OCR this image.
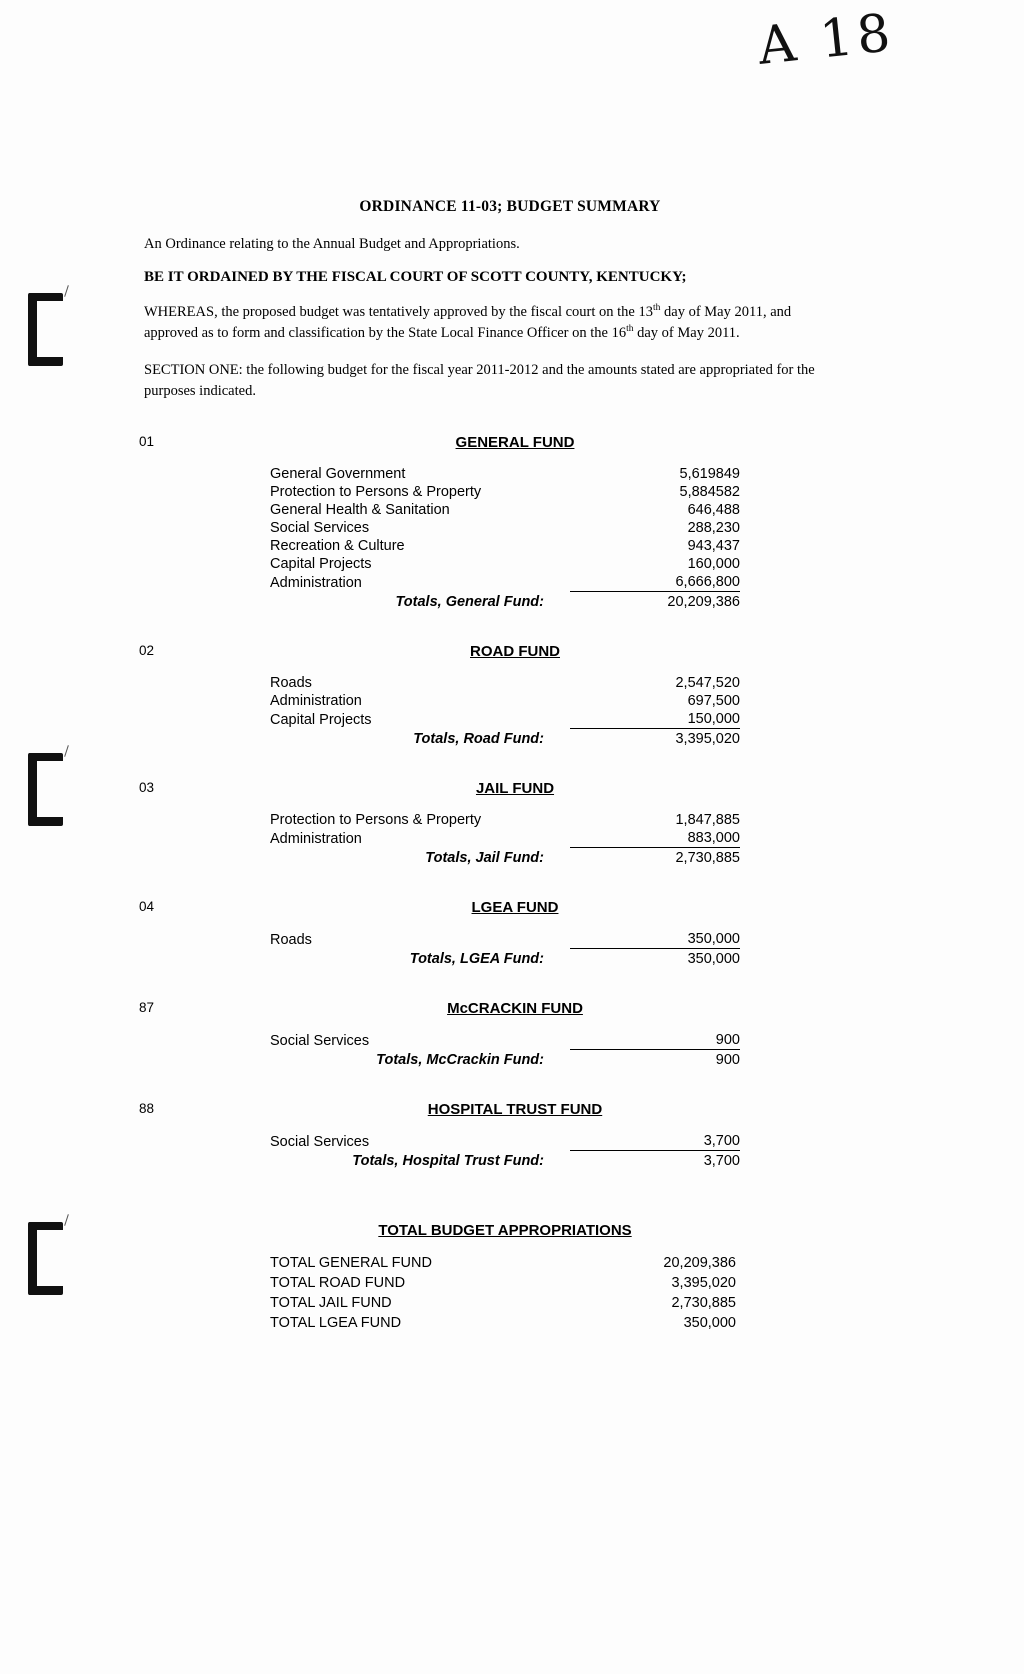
A 18
ORDINANCE 11-03; BUDGET SUMMARY

An Ordinance relating to the Annual Budget and Appropriations.

BE IT ORDAINED BY THE FISCAL COURT OF SCOTT COUNTY, KENTUCKY;

WHEREAS, the proposed budget was tentatively approved by the fiscal court on the 13th day of May 2011, and approved as to form and classification by the State Local Finance Officer on the 16th day of May 2011.

SECTION ONE: the following budget for the fiscal year 2011-2012 and the amounts stated are appropriated for the purposes indicated.

01	GENERAL FUND
General Government	5,619849
Protection to Persons & Property	5,884582
General Health & Sanitation	646,488
Social Services	288,230
Recreation & Culture	943,437
Capital Projects	160,000
Administration	6,666,800
Totals, General Fund:	20,209,386
02	ROAD FUND
Roads	2,547,520
Administration	697,500
Capital Projects	150,000
Totals, Road Fund:	3,395,020
03	JAIL FUND
Protection to Persons & Property	1,847,885
Administration	883,000
Totals, Jail Fund:	2,730,885
04	LGEA FUND
Roads	350,000
Totals, LGEA Fund:	350,000
87	McCRACKIN FUND
Social Services	900
Totals, McCrackin Fund:	900
88	HOSPITAL TRUST FUND
Social Services	3,700
Totals, Hospital Trust Fund:	3,700
TOTAL BUDGET APPROPRIATIONS
TOTAL GENERAL FUND	20,209,386
TOTAL ROAD FUND	3,395,020
TOTAL JAIL FUND	2,730,885
TOTAL LGEA FUND	350,000
